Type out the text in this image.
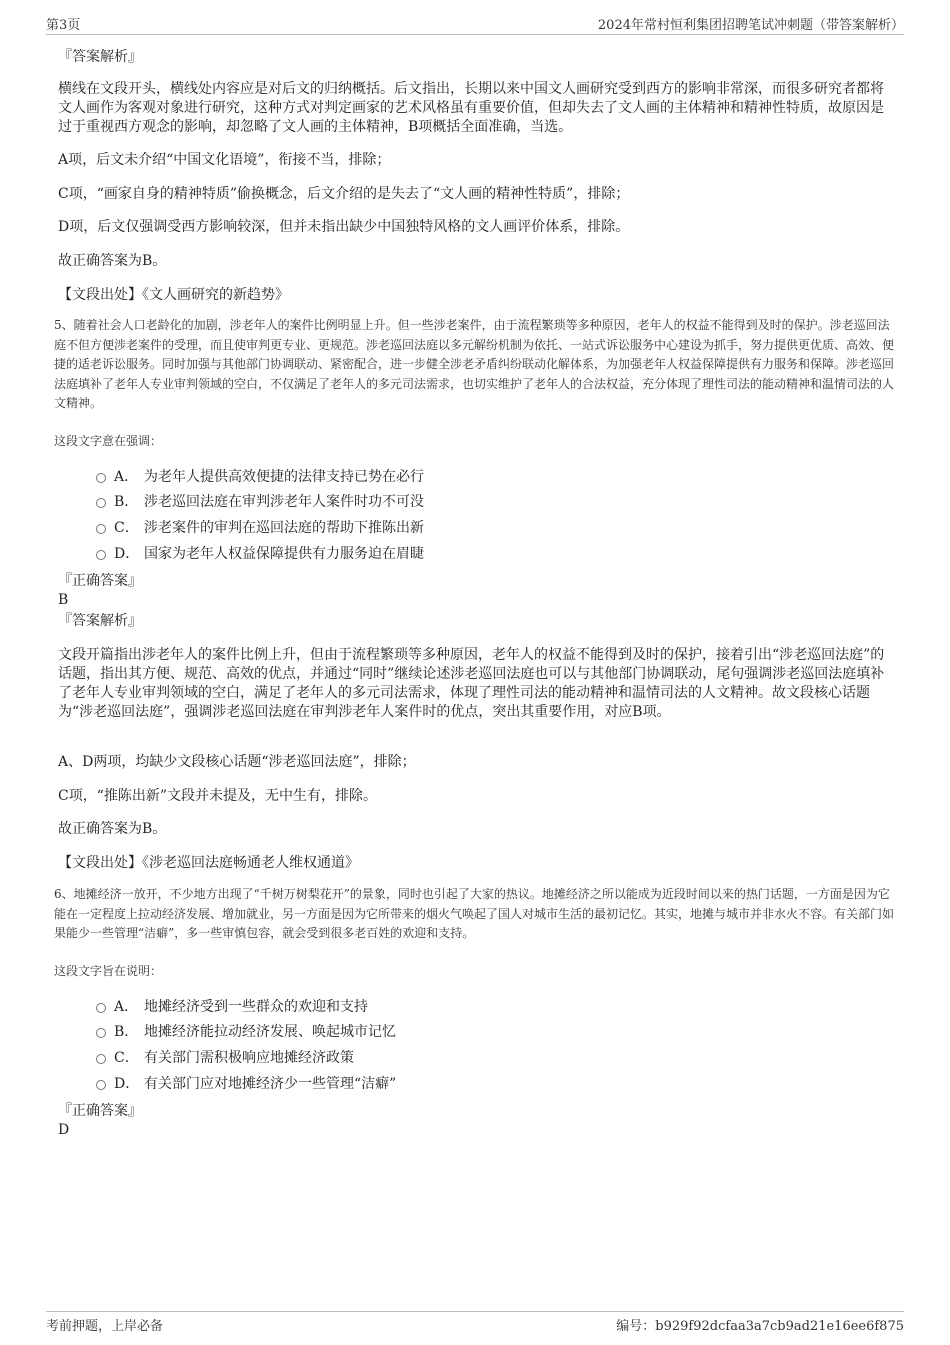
第3页	2024年常村恒利集团招聘笔试冲刺题（带答案解析）
『答案解析』
横线在文段开头，横线处内容应是对后文的归纳概括。后文指出，长期以来中国文人画研究受到西方的影响非常深，而很多研究者都将文人画作为客观对象进行研究，这种方式对判定画家的艺术风格虽有重要价值，但却失去了文人画的主体精神和精神性特质，故原因是过于重视西方观念的影响，却忽略了文人画的主体精神，B项概括全面准确，当选。
A项，后文未介绍“中国文化语境”，衔接不当，排除；
C项，“画家自身的精神特质”偷换概念，后文介绍的是失去了“文人画的精神性特质”，排除；
D项，后文仅强调受西方影响较深，但并未指出缺少中国独特风格的文人画评价体系，排除。
故正确答案为B。
【文段出处】《文人画研究的新趋势》
5、随着社会人口老龄化的加剧，涉老年人的案件比例明显上升。但一些涉老案件，由于流程繁琐等多种原因，老年人的权益不能得到及时的保护。涉老巡回法庭不但方便涉老案件的受理，而且使审判更专业、更规范。涉老巡回法庭以多元解纷机制为依托、一站式诉讼服务中心建设为抓手，努力提供更优质、高效、便捷的适老诉讼服务。同时加强与其他部门协调联动、紧密配合，进一步健全涉老矛盾纠纷联动化解体系，为加强老年人权益保障提供有力服务和保障。涉老巡回法庭填补了老年人专业审判领域的空白，不仅满足了老年人的多元司法需求，也切实维护了老年人的合法权益，充分体现了理性司法的能动精神和温情司法的人文精神。
这段文字意在强调：
A． 为老年人提供高效便捷的法律支持已势在必行
B． 涉老巡回法庭在审判涉老年人案件时功不可没
C． 涉老案件的审判在巡回法庭的帮助下推陈出新
D． 国家为老年人权益保障提供有力服务迫在眉睫
『正确答案』
B
『答案解析』
文段开篇指出涉老年人的案件比例上升，但由于流程繁琐等多种原因，老年人的权益不能得到及时的保护，接着引出“涉老巡回法庭”的话题，指出其方便、规范、高效的优点，并通过“同时”继续论述涉老巡回法庭也可以与其他部门协调联动，尾句强调涉老巡回法庭填补了老年人专业审判领域的空白，满足了老年人的多元司法需求，体现了理性司法的能动精神和温情司法的人文精神。故文段核心话题为“涉老巡回法庭”，强调涉老巡回法庭在审判涉老年人案件时的优点，突出其重要作用，对应B项。
A、D两项，均缺少文段核心话题“涉老巡回法庭”，排除；
C项，“推陈出新”文段并未提及，无中生有，排除。
故正确答案为B。
【文段出处】《涉老巡回法庭畅通老人维权通道》
6、地摊经济一放开，不少地方出现了“千树万树梨花开”的景象，同时也引起了大家的热议。地摊经济之所以能成为近段时间以来的热门话题，一方面是因为它能在一定程度上拉动经济发展、增加就业，另一方面是因为它所带来的烟火气唤起了国人对城市生活的最初记忆。其实，地摊与城市并非水火不容。有关部门如果能少一些管理“洁癖”，多一些审慎包容，就会受到很多老百姓的欢迎和支持。
这段文字旨在说明：
A． 地摊经济受到一些群众的欢迎和支持
B． 地摊经济能拉动经济发展、唤起城市记忆
C． 有关部门需积极响应地摊经济政策
D． 有关部门应对地摊经济少一些管理“洁癖”
『正确答案』
D
考前押题，上岸必备	编号：b929f92dcfaa3a7cb9ad21e16ee6f875
